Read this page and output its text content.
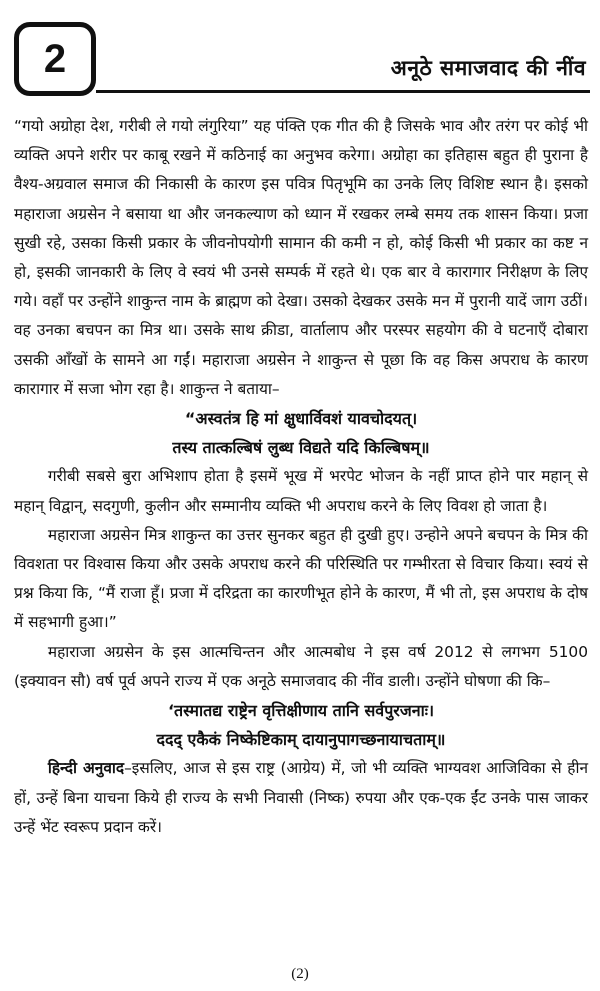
2	अनूठे समाजवाद की नींव

“गयो अग्रोहा देश, गरीबी ले गयो लंगुरिया” यह पंक्ति एक गीत की है जिसके भाव और तरंग पर कोई भी व्यक्ति अपने शरीर पर काबू रखने में कठिनाई का अनुभव करेगा। अग्रोहा का इतिहास बहुत ही पुराना है वैश्य-अग्रवाल समाज की निकासी के कारण इस पवित्र पितृभूमि का उनके लिए विशिष्ट स्थान है। इसको महाराजा अग्रसेन ने बसाया था और जनकल्याण को ध्यान में रखकर लम्बे समय तक शासन किया। प्रजा सुखी रहे, उसका किसी प्रकार के जीवनोपयोगी सामान की कमी न हो, कोई किसी भी प्रकार का कष्ट न हो, इसकी जानकारी के लिए वे स्वयं भी उनसे सम्पर्क में रहते थे। एक बार वे कारागार निरीक्षण के लिए गये। वहाँ पर उन्होंने शाकुन्त नाम के ब्राह्मण को देखा। उसको देखकर उसके मन में पुरानी यादें जाग उठीं। वह उनका बचपन का मित्र था। उसके साथ क्रीडा, वार्तालाप और परस्पर सहयोग की वे घटनाएँ दोबारा उसकी आँखों के सामने आ गईं। महाराजा अग्रसेन ने शाकुन्त से पूछा कि वह किस अपराध के कारण कारागार में सजा भोग रहा है। शाकुन्त ने बताया–

“अस्वतंत्र हि मां क्षुधार्विवशं यावचोदयत्।

तस्य तात्कल्बिषं लुब्ध विद्यते यदि किल्बिषम्॥

गरीबी सबसे बुरा अभिशाप होता है इसमें भूख में भरपेट भोजन के नहीं प्राप्त होने पार महान् से महान् विद्वान्, सदगुणी, कुलीन और सम्मानीय व्यक्ति भी अपराध करने के लिए विवश हो जाता है।

महाराजा अग्रसेन मित्र शाकुन्त का उत्तर सुनकर बहुत ही दुखी हुए। उन्होने अपने बचपन के मित्र की विवशता पर विश्वास किया और उसके अपराध करने की परिस्थिति पर गम्भीरता से विचार किया। स्वयं से प्रश्न किया कि, “मैं राजा हूँ। प्रजा में दरिद्रता का कारणीभूत होने के कारण, मैं भी तो, इस अपराध के दोष में सहभागी हुआ।”

महाराजा अग्रसेन के इस आत्मचिन्तन और आत्मबोध ने इस वर्ष 2012 से लगभग 5100 (इक्यावन सौ) वर्ष पूर्व अपने राज्य में एक अनूठे समाजवाद की नींव डाली। उन्होंने घोषणा की कि–

‘तस्मातद्य राष्ट्रेन वृत्तिक्षीणाय तानि सर्वपुरजनाः।

ददद् एकैकं निष्केष्टिकाम् दायानुपागच्छनायाचताम्॥

हिन्दी अनुवाद–इसलिए, आज से इस राष्ट्र (आग्रेय) में, जो भी व्यक्ति भाग्यवश आजिविका से हीन हों, उन्हें बिना याचना किये ही राज्य के सभी निवासी (निष्क) रुपया और एक-एक ईंट उनके पास जाकर उन्हें भेंट स्वरूप प्रदान करें।

(2)
